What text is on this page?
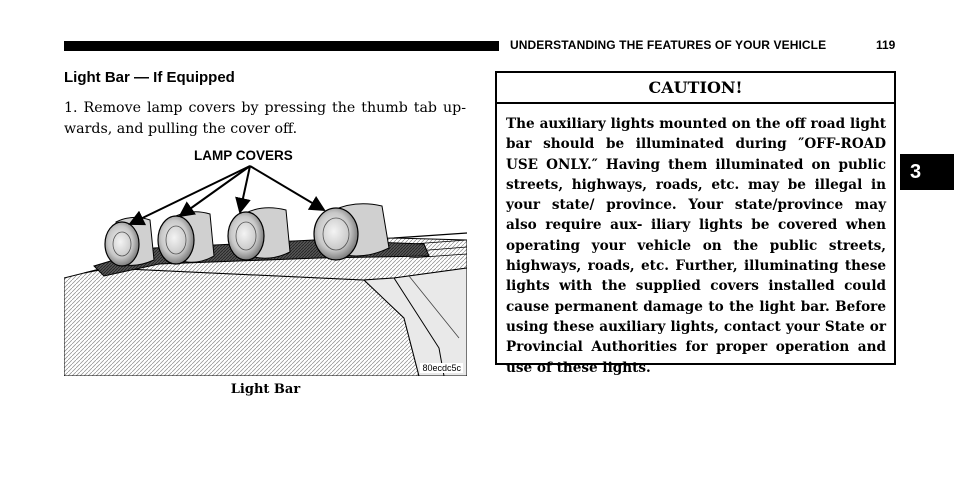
UNDERSTANDING THE FEATURES OF YOUR VEHICLE	119
Light Bar — If Equipped
1. Remove lamp covers by pressing the thumb tab up- wards, and pulling the cover off.
LAMP COVERS
80ecdc5c
Light Bar
CAUTION!
The auxiliary lights mounted on the off road light bar should be illuminated during ″OFF-ROAD USE ONLY.″ Having them illuminated on public streets, highways, roads, etc. may be illegal in your state/ province. Your state/province may also require aux- iliary lights be covered when operating your vehicle on the public streets, highways, roads, etc. Further, illuminating these lights with the supplied covers installed could cause permanent damage to the light bar. Before using these auxiliary lights, contact your State or Provincial Authorities for proper operation and use of these lights.
3
